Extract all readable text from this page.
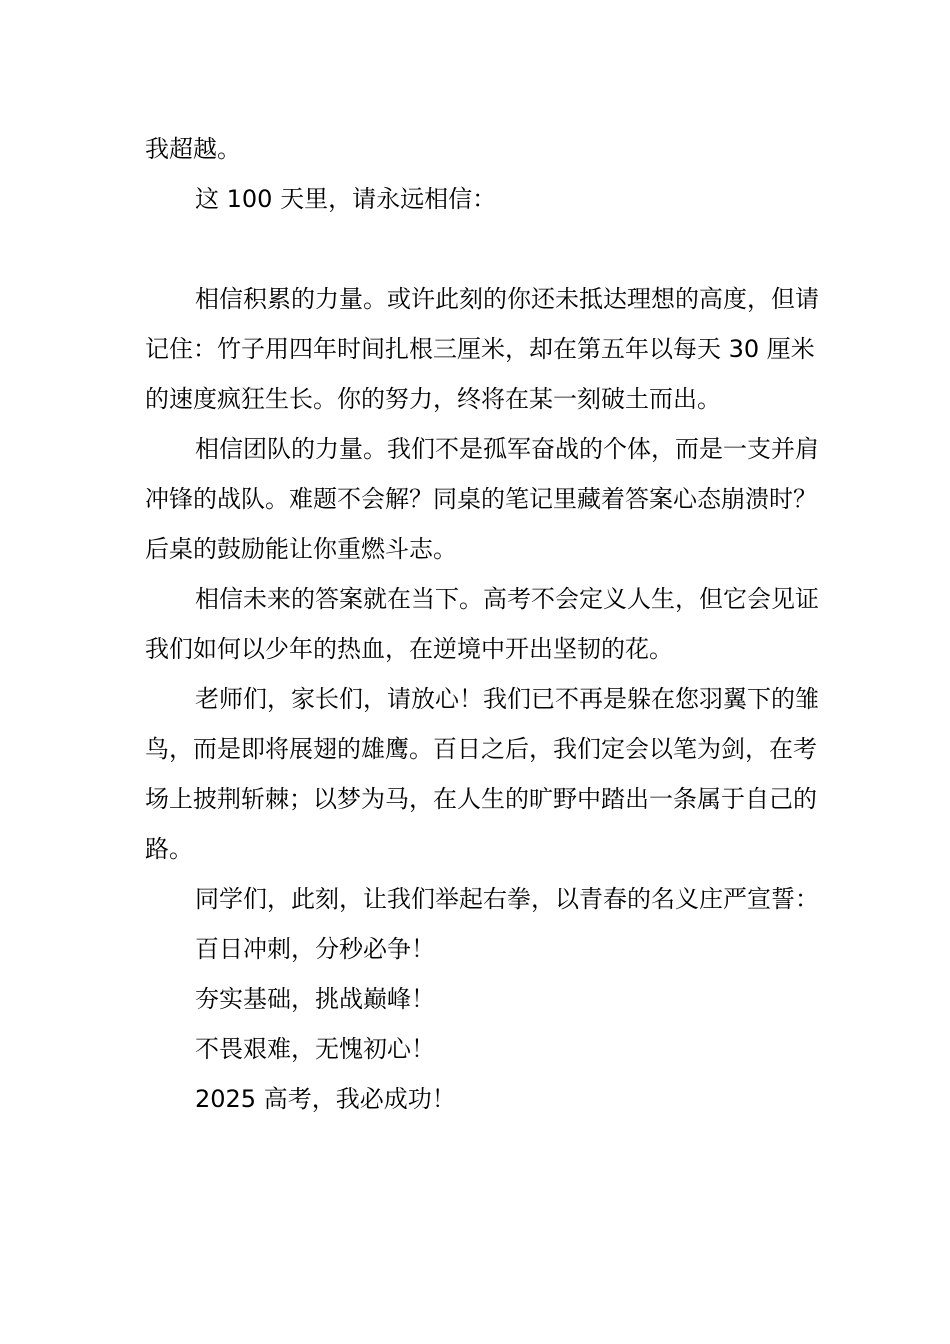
我超越。

这 100 天里，请永远相信：

相信积累的力量。或许此刻的你还未抵达理想的高度，但请记住：竹子用四年时间扎根三厘米，却在第五年以每天 30 厘米的速度疯狂生长。你的努力，终将在某一刻破土而出。

相信团队的力量。我们不是孤军奋战的个体，而是一支并肩冲锋的战队。难题不会解？同桌的笔记里藏着答案心态崩溃时？后桌的鼓励能让你重燃斗志。

相信未来的答案就在当下。高考不会定义人生，但它会见证我们如何以少年的热血，在逆境中开出坚韧的花。

老师们，家长们，请放心！我们已不再是躲在您羽翼下的雏鸟，而是即将展翅的雄鹰。百日之后，我们定会以笔为剑，在考场上披荆斩棘；以梦为马，在人生的旷野中踏出一条属于自己的路。

同学们，此刻，让我们举起右拳，以青春的名义庄严宣誓：

百日冲刺，分秒必争！

夯实基础，挑战巅峰！

不畏艰难，无愧初心！

2025 高考，我必成功！
